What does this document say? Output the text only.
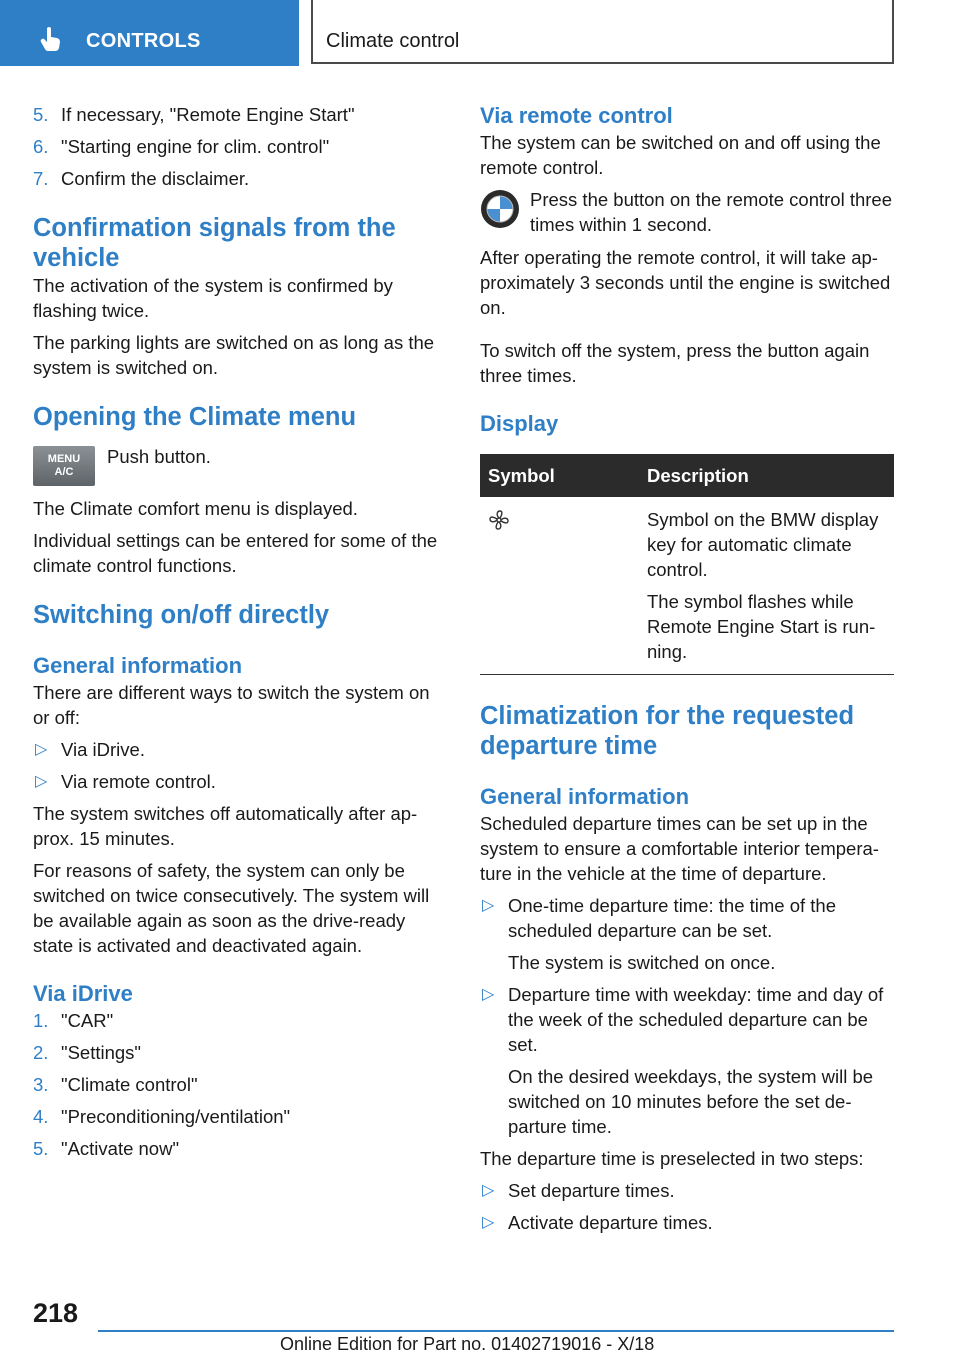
CONTROLS	Climate control
5. If necessary, "Remote Engine Start"
6. "Starting engine for clim. control"
7. Confirm the disclaimer.
Confirmation signals from the vehicle

The activation of the system is confirmed by flashing twice.

The parking lights are switched on as long as the system is switched on.

Opening the Climate menu
MENU
A/C
Push button.

The Climate comfort menu is displayed.

Individual settings can be entered for some of the climate control functions.

Switching on/off directly
General information

There are different ways to switch the system on or off:

▷ Via iDrive.
▷ Via remote control.

The system switches off automatically after ap‐prox. 15 minutes.

For reasons of safety, the system can only be switched on twice consecutively. The system will be available again as soon as the drive-ready state is activated and deactivated again.

Via iDrive
1. "CAR"
2. "Settings"
3. "Climate control"
4. "Preconditioning/ventilation"
5. "Activate now"
Via remote control

The system can be switched on and off using the remote control.

Press the button on the remote control three times within 1 second.

After operating the remote control, it will take ap‐proximately 3 seconds until the engine is switched on.

To switch off the system, press the button again three times.

Display
Symbol	Description

Symbol on the BMW display key for automatic climate control.

The symbol flashes while Remote Engine Start is run‐ning.

Climatization for the requested departure time
General information

Scheduled departure times can be set up in the system to ensure a comfortable interior tempera‐ture in the vehicle at the time of departure.

▷ One-time departure time: the time of the scheduled departure can be set.

The system is switched on once.

▷ Departure time with weekday: time and day of the week of the scheduled departure can be set.

On the desired weekdays, the system will be switched on 10 minutes before the set de‐parture time.

The departure time is preselected in two steps:

▷ Set departure times.
▷ Activate departure times.
218
Online Edition for Part no. 01402719016 - X/18
